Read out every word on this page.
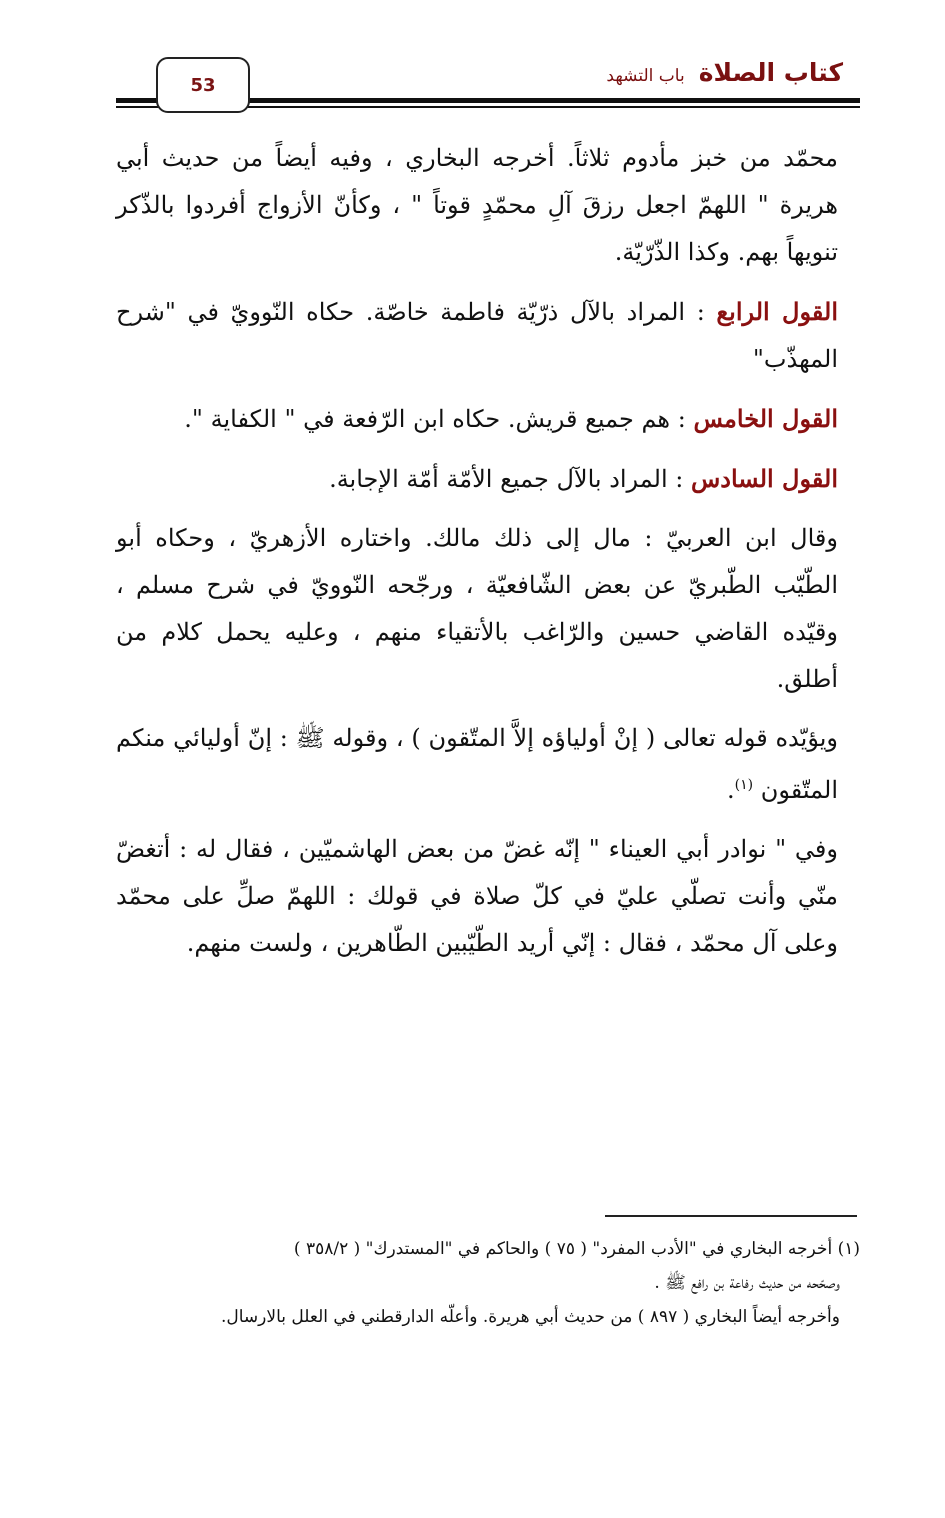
53	كتاب الصلاة
باب التشهد

محمّد من خبز مأدوم ثلاثاً. أخرجه البخاري ، وفيه أيضاً من حديث أبي هريرة " اللهمّ اجعل رزقَ آلِ محمّدٍ قوتاً " ، وكأنّ الأزواج أفردوا بالذّكر تنويهاً بهم. وكذا الذّرّيّة.

القول الرابع : المراد بالآل ذرّيّة فاطمة خاصّة. حكاه النّوويّ في "شرح المهذّب"

القول الخامس : هم جميع قريش. حكاه ابن الرّفعة في " الكفاية ".

القول السادس : المراد بالآل جميع الأمّة أمّة الإجابة.

وقال ابن العربيّ : مال إلى ذلك مالك. واختاره الأزهريّ ، وحكاه أبو الطّيّب الطّبريّ عن بعض الشّافعيّة ، ورجّحه النّوويّ في شرح مسلم ، وقيّده القاضي حسين والرّاغب بالأتقياء منهم ، وعليه يحمل كلام من أطلق.

ويؤيّده قوله تعالى ( إنْ أولياؤه إلاَّ المتّقون ) ، وقوله ﷺ : إنّ أوليائي منكم المتّقون $^{(١)}$.

وفي " نوادر أبي العيناء " إنّه غضّ من بعض الهاشميّين ، فقال له : أتغضّ منّي وأنت تصلّي عليّ في كلّ صلاة في قولك : اللهمّ صلِّ على محمّد وعلى آل محمّد ، فقال : إنّي أريد الطّيّبين الطّاهرين ، ولست منهم.

(١) أخرجه البخاري في "الأدب المفرد" ( ٧٥ ) والحاكم في "المستدرك" ( ٣٥٨/٢ )

وصحّحه من حديث رفاعة بن رافع ﷺ .

وأخرجه أيضاً البخاري ( ٨٩٧ ) من حديث أبي هريرة. وأعلّه الدارقطني في العلل بالارسال.
